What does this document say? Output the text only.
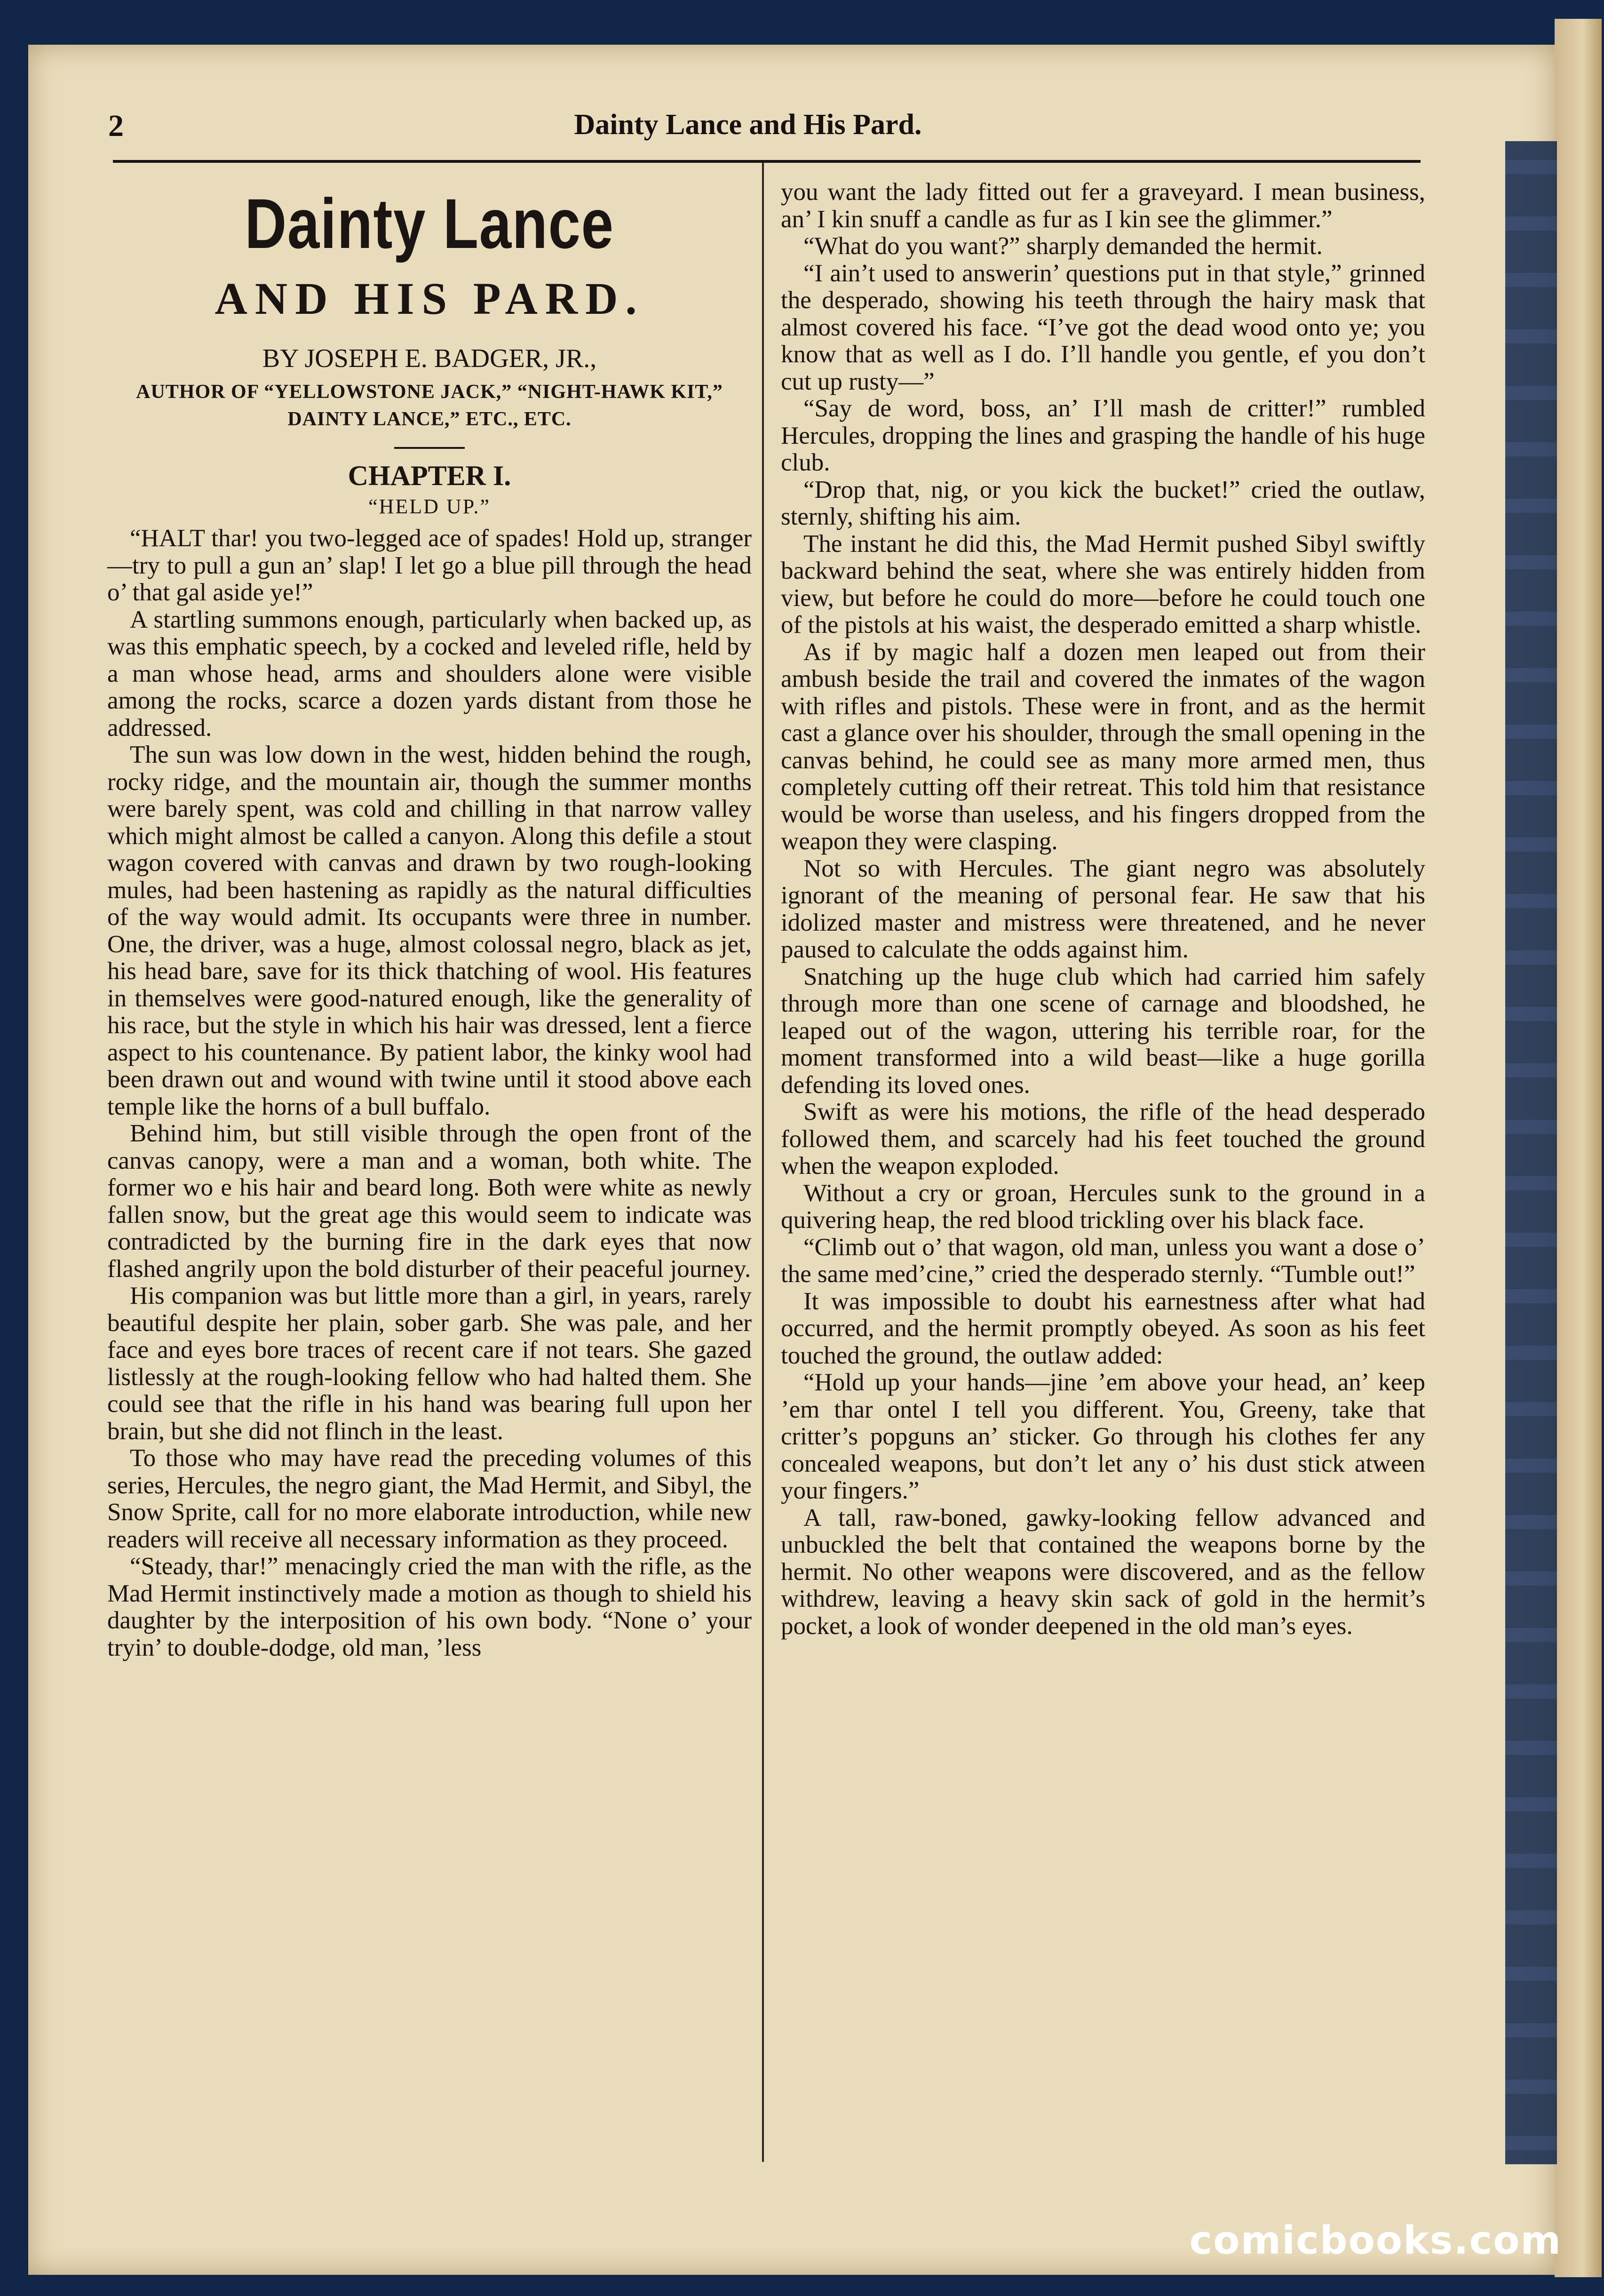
2	Dainty Lance and His Pard.
Dainty Lance
AND HIS PARD.
BY JOSEPH E. BADGER, JR.,
AUTHOR OF “YELLOWSTONE JACK,” “NIGHT-HAWK KIT,” DAINTY LANCE,” ETC., ETC.
CHAPTER I.
“HELD UP.”

“HALT thar! you two-legged ace of spades! Hold up, stranger—try to pull a gun an’ slap! I let go a blue pill through the head o’ that gal aside ye!”

A startling summons enough, particularly when backed up, as was this emphatic speech, by a cocked and leveled rifle, held by a man whose head, arms and shoulders alone were visible among the rocks, scarce a dozen yards distant from those he addressed.

The sun was low down in the west, hidden behind the rough, rocky ridge, and the mountain air, though the summer months were barely spent, was cold and chilling in that narrow valley which might almost be called a canyon. Along this defile a stout wagon covered with canvas and drawn by two rough-looking mules, had been hastening as rapidly as the natural difficulties of the way would admit. Its occupants were three in number. One, the driver, was a huge, almost colossal negro, black as jet, his head bare, save for its thick thatching of wool. His features in themselves were good-natured enough, like the generality of his race, but the style in which his hair was dressed, lent a fierce aspect to his countenance. By patient labor, the kinky wool had been drawn out and wound with twine until it stood above each temple like the horns of a bull buffalo.

Behind him, but still visible through the open front of the canvas canopy, were a man and a woman, both white. The former wo e his hair and beard long. Both were white as newly fallen snow, but the great age this would seem to indicate was contradicted by the burning fire in the dark eyes that now flashed angrily upon the bold disturber of their peaceful journey.

His companion was but little more than a girl, in years, rarely beautiful despite her plain, sober garb. She was pale, and her face and eyes bore traces of recent care if not tears. She gazed listlessly at the rough-looking fellow who had halted them. She could see that the rifle in his hand was bearing full upon her brain, but she did not flinch in the least.

To those who may have read the preceding volumes of this series, Hercules, the negro giant, the Mad Hermit, and Sibyl, the Snow Sprite, call for no more elaborate introduction, while new readers will receive all necessary information as they proceed.

“Steady, thar!” menacingly cried the man with the rifle, as the Mad Hermit instinctively made a motion as though to shield his daughter by the interposition of his own body. “None o’ your tryin’ to double-dodge, old man, ’less

you want the lady fitted out fer a graveyard. I mean business, an’ I kin snuff a candle as fur as I kin see the glimmer.”

“What do you want?” sharply demanded the hermit.

“I ain’t used to answerin’ questions put in that style,” grinned the desperado, showing his teeth through the hairy mask that almost covered his face. “I’ve got the dead wood onto ye; you know that as well as I do. I’ll handle you gentle, ef you don’t cut up rusty—”

“Say de word, boss, an’ I’ll mash de critter!” rumbled Hercules, dropping the lines and grasping the handle of his huge club.

“Drop that, nig, or you kick the bucket!” cried the outlaw, sternly, shifting his aim.

The instant he did this, the Mad Hermit pushed Sibyl swiftly backward behind the seat, where she was entirely hidden from view, but before he could do more—before he could touch one of the pistols at his waist, the desperado emitted a sharp whistle.

As if by magic half a dozen men leaped out from their ambush beside the trail and covered the inmates of the wagon with rifles and pistols. These were in front, and as the hermit cast a glance over his shoulder, through the small opening in the canvas behind, he could see as many more armed men, thus completely cutting off their retreat. This told him that resistance would be worse than useless, and his fingers dropped from the weapon they were clasping.

Not so with Hercules. The giant negro was absolutely ignorant of the meaning of personal fear. He saw that his idolized master and mistress were threatened, and he never paused to calculate the odds against him.

Snatching up the huge club which had carried him safely through more than one scene of carnage and bloodshed, he leaped out of the wagon, uttering his terrible roar, for the moment transformed into a wild beast—like a huge gorilla defending its loved ones.

Swift as were his motions, the rifle of the head desperado followed them, and scarcely had his feet touched the ground when the weapon exploded.

Without a cry or groan, Hercules sunk to the ground in a quivering heap, the red blood trickling over his black face.

“Climb out o’ that wagon, old man, unless you want a dose o’ the same med’cine,” cried the desperado sternly. “Tumble out!”

It was impossible to doubt his earnestness after what had occurred, and the hermit promptly obeyed. As soon as his feet touched the ground, the outlaw added:

“Hold up your hands—jine ’em above your head, an’ keep ’em thar ontel I tell you different. You, Greeny, take that critter’s popguns an’ sticker. Go through his clothes fer any concealed weapons, but don’t let any o’ his dust stick atween your fingers.”

A tall, raw-boned, gawky-looking fellow advanced and unbuckled the belt that contained the weapons borne by the hermit. No other weapons were discovered, and as the fellow withdrew, leaving a heavy skin sack of gold in the hermit’s pocket, a look of wonder deepened in the old man’s eyes.

comicbooks.com
